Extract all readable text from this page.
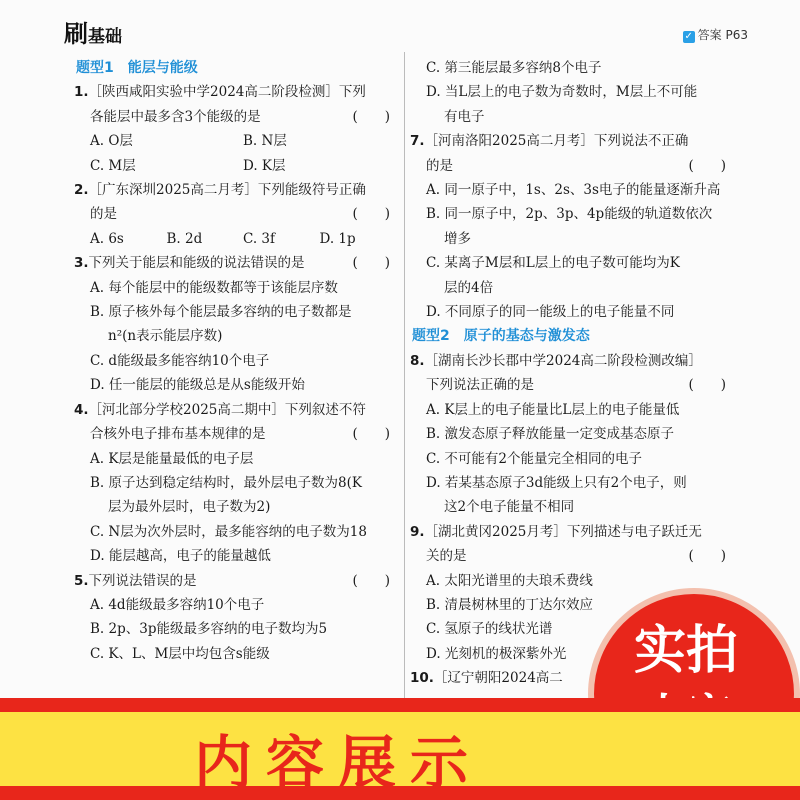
刷基础	✓ 答案 P63
题型1　能层与能级
1.［陕西咸阳实验中学2024高二阶段检测］下列
各能层中最多含3个能级的是	(　　)
A. O层	B. N层
C. M层	D. K层
2.［广东深圳2025高二月考］下列能级符号正确
的是	(　　)
A. 6s	B. 2d	C. 3f	D. 1p
3.下列关于能层和能级的说法错误的是	(　　)
A. 每个能层中的能级数都等于该能层序数
B. 原子核外每个能层最多容纳的电子数都是
n²(n表示能层序数)
C. d能级最多能容纳10个电子
D. 任一能层的能级总是从s能级开始
4.［河北部分学校2025高二期中］下列叙述不符
合核外电子排布基本规律的是	(　　)
A. K层是能量最低的电子层
B. 原子达到稳定结构时，最外层电子数为8(K
层为最外层时，电子数为2)
C. N层为次外层时，最多能容纳的电子数为18
D. 能层越高，电子的能量越低
5.下列说法错误的是	(　　)
A. 4d能级最多容纳10个电子
B. 2p、3p能级最多容纳的电子数均为5
C. K、L、M层中均包含s能级
C. 第三能层最多容纳8个电子
D. 当L层上的电子数为奇数时，M层上不可能
有电子
7.［河南洛阳2025高二月考］下列说法不正确
的是	(　　)
A. 同一原子中，1s、2s、3s电子的能量逐渐升高
B. 同一原子中，2p、3p、4p能级的轨道数依次
增多
C. 某离子M层和L层上的电子数可能均为K
层的4倍
D. 不同原子的同一能级上的电子能量不同
题型2　原子的基态与激发态
8.［湖南长沙长郡中学2024高二阶段检测改编］
下列说法正确的是	(　　)
A. K层上的电子能量比L层上的电子能量低
B. 激发态原子释放能量一定变成基态原子
C. 不可能有2个能量完全相同的电子
D. 若某基态原子3d能级上只有2个电子，则
这2个电子能量不相同
9.［湖北黄冈2025月考］下列描述与电子跃迁无
关的是	(　　)
A. 太阳光谱里的夫琅禾费线
B. 清晨树林里的丁达尔效应
C. 氢原子的线状光谱
D. 光刻机的极深紫外光
10.［辽宁朝阳2024高二	实拍
内容展示
